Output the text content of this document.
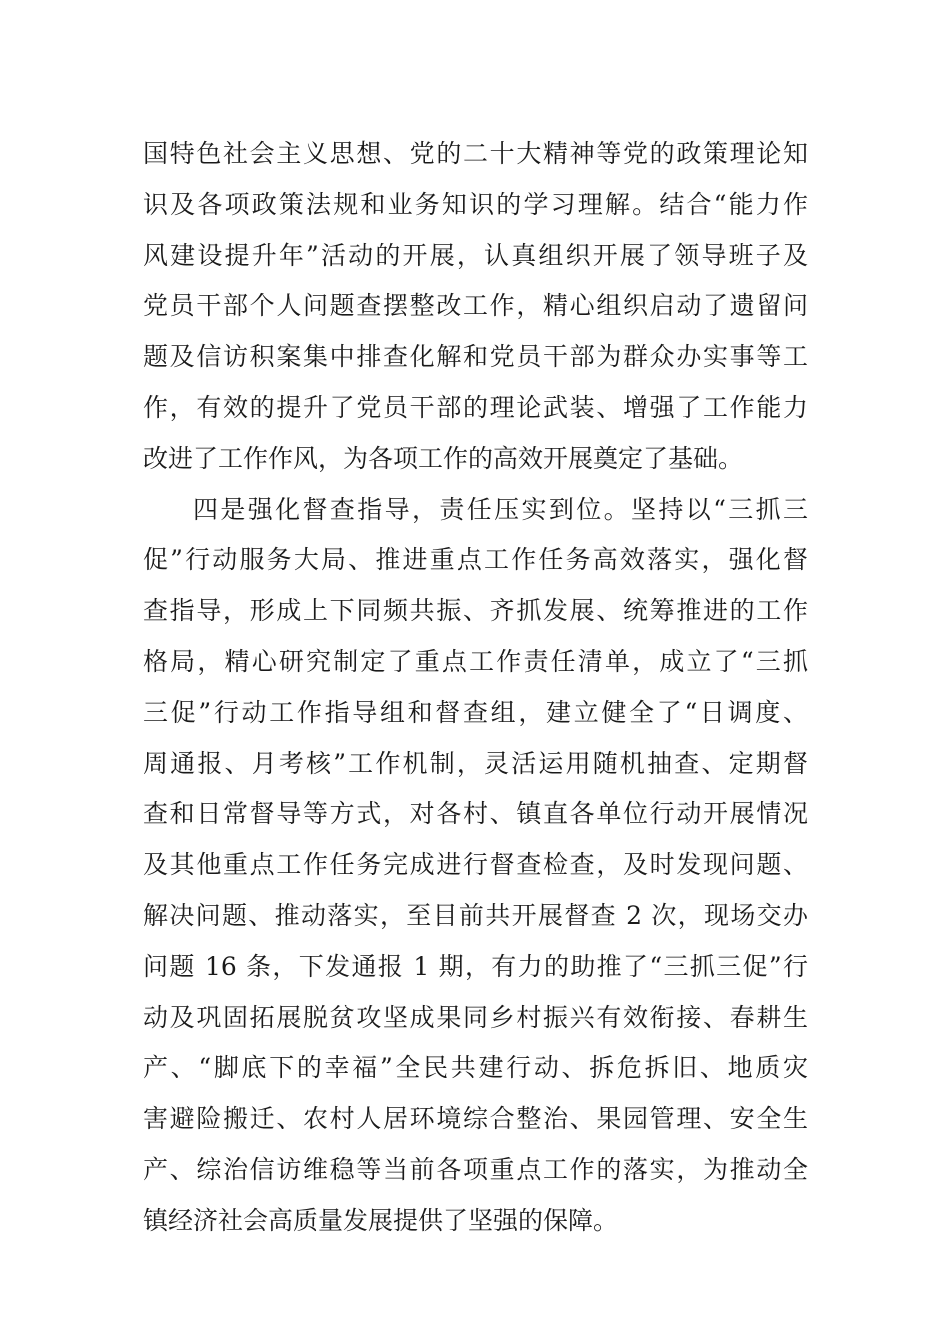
国特色社会主义思想、党的二十大精神等党的政策理论知
识及各项政策法规和业务知识的学习理解。结合“能力作
风建设提升年”活动的开展，认真组织开展了领导班子及
党员干部个人问题查摆整改工作，精心组织启动了遗留问
题及信访积案集中排查化解和党员干部为群众办实事等工
作，有效的提升了党员干部的理论武装、增强了工作能力
改进了工作作风，为各项工作的高效开展奠定了基础。
四是强化督查指导，责任压实到位。坚持以“三抓三
促”行动服务大局、推进重点工作任务高效落实，强化督
查指导，形成上下同频共振、齐抓发展、统筹推进的工作
格局，精心研究制定了重点工作责任清单，成立了“三抓
三促”行动工作指导组和督查组，建立健全了“日调度、
周通报、月考核”工作机制，灵活运用随机抽查、定期督
查和日常督导等方式，对各村、镇直各单位行动开展情况
及其他重点工作任务完成进行督查检查，及时发现问题、
解决问题、推动落实，至目前共开展督查 2 次，现场交办
问题 16 条，下发通报 1 期，有力的助推了“三抓三促”行
动及巩固拓展脱贫攻坚成果同乡村振兴有效衔接、春耕生
产、“脚底下的幸福”全民共建行动、拆危拆旧、地质灾
害避险搬迁、农村人居环境综合整治、果园管理、安全生
产、综治信访维稳等当前各项重点工作的落实，为推动全
镇经济社会高质量发展提供了坚强的保障。
